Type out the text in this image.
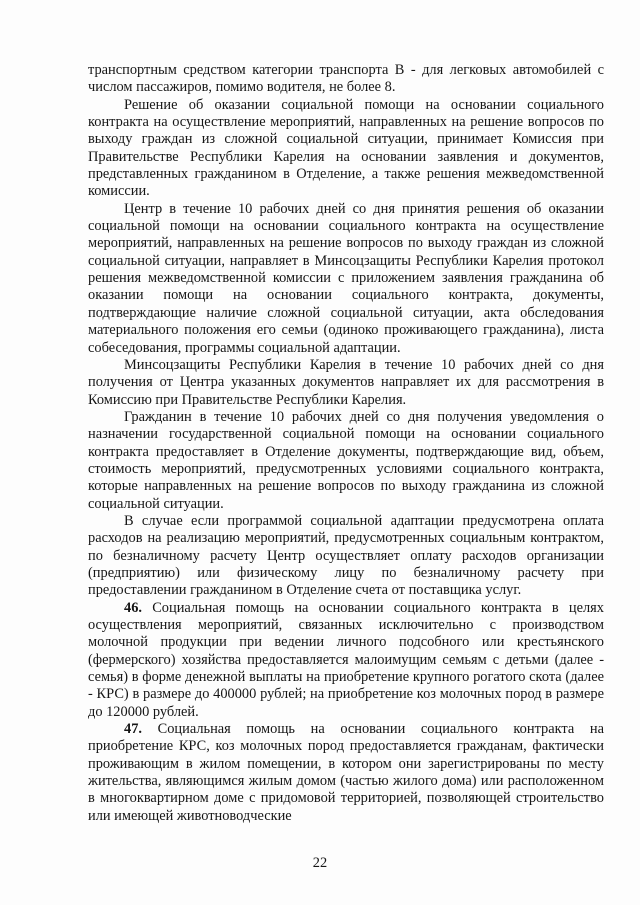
транспортным средством категории транспорта В - для легковых автомобилей с числом пассажиров, помимо водителя, не более 8.

Решение об оказании социальной помощи на основании социального контракта на осуществление мероприятий, направленных на решение вопросов по выходу граждан из сложной социальной ситуации, принимает Комиссия при Правительстве Республики Карелия на основании заявления и документов, представленных гражданином в Отделение, а также решения межведомственной комиссии.

Центр в течение 10 рабочих дней со дня принятия решения об оказании социальной помощи на основании социального контракта на осуществление мероприятий, направленных на решение вопросов по выходу граждан из сложной социальной ситуации, направляет в Минсоцзащиты Республики Карелия протокол решения межведомственной комиссии с приложением заявления гражданина об оказании помощи на основании социального контракта, документы, подтверждающие наличие сложной социальной ситуации, акта обследования материального положения его семьи (одиноко проживающего гражданина), листа собеседования, программы социальной адаптации.

Минсоцзащиты Республики Карелия в течение 10 рабочих дней со дня получения от Центра указанных документов направляет их для рассмотрения в Комиссию при Правительстве Республики Карелия.

Гражданин в течение 10 рабочих дней со дня получения уведомления о назначении государственной социальной помощи на основании социального контракта предоставляет в Отделение документы, подтверждающие вид, объем, стоимость мероприятий, предусмотренных условиями социального контракта, которые направленных на решение вопросов по выходу гражданина из сложной социальной ситуации.

В случае если программой социальной адаптации предусмотрена оплата расходов на реализацию мероприятий, предусмотренных социальным контрактом, по безналичному расчету Центр осуществляет оплату расходов организации (предприятию) или физическому лицу по безналичному расчету при предоставлении гражданином в Отделение счета от поставщика услуг.

46. Социальная помощь на основании социального контракта в целях осуществления мероприятий, связанных исключительно с производством молочной продукции при ведении личного подсобного или крестьянского (фермерского) хозяйства предоставляется малоимущим семьям с детьми (далее - семья) в форме денежной выплаты на приобретение крупного рогатого скота (далее - КРС) в размере до 400000 рублей; на приобретение коз молочных пород в размере до 120000 рублей.

47. Социальная помощь на основании социального контракта на приобретение КРС, коз молочных пород предоставляется гражданам, фактически проживающим в жилом помещении, в котором они зарегистрированы по месту жительства, являющимся жилым домом (частью жилого дома) или расположенном в многоквартирном доме с придомовой территорией, позволяющей строительство или имеющей животноводческие

22
